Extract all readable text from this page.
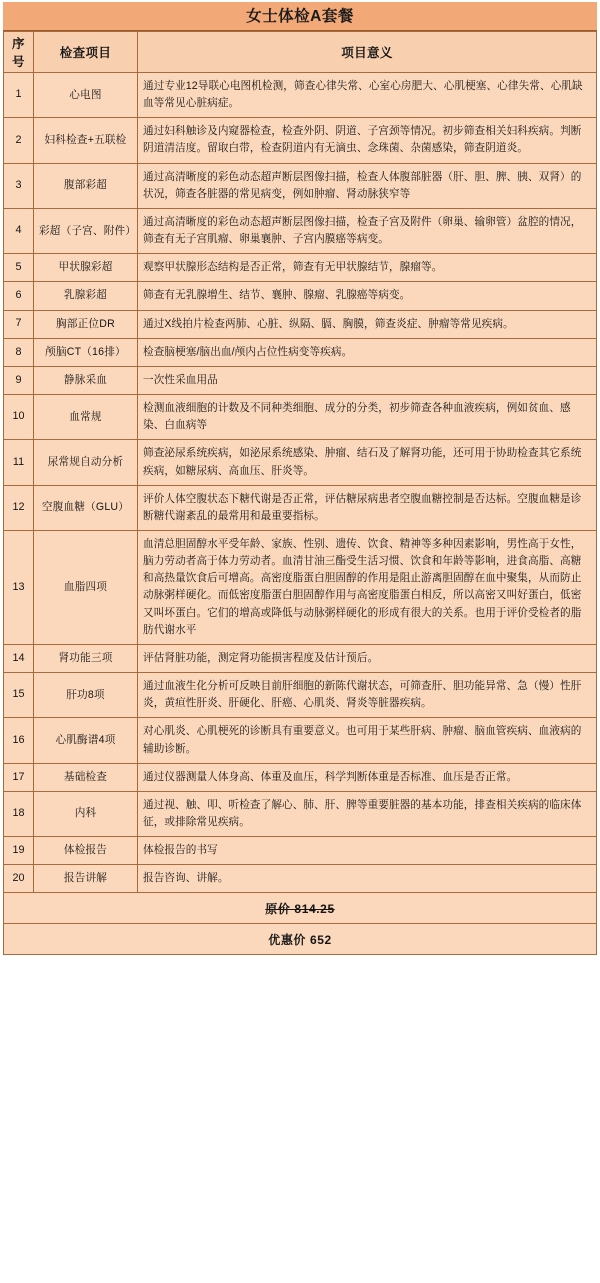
女士体检A套餐
序号	检查项目	项目意义
1	心电图	通过专业12导联心电图机检测，筛查心律失常、心室心房肥大、心肌梗塞、心律失常、心肌缺血等常见心脏病症。
2	妇科检查+五联检	通过妇科触诊及内窥器检查，检查外阴、阴道、子宫颈等情况。初步筛查相关妇科疾病。判断阴道清洁度。留取白带，检查阴道内有无滴虫、念珠菌、杂菌感染，筛查阴道炎。
3	腹部彩超	通过高清晰度的彩色动态超声断层图像扫描，检查人体腹部脏器（肝、胆、脾、胰、双肾）的状况，筛查各脏器的常见病变，例如肿瘤、肾动脉狭窄等
4	彩超（子宫、附件）	通过高清晰度的彩色动态超声断层图像扫描，检查子宫及附件（卵巢、输卵管）盆腔的情况，筛查有无子宫肌瘤、卵巢襄肿、子宫内膜癌等病变。
5	甲状腺彩超	观察甲状腺形态结构是否正常，筛查有无甲状腺结节，腺瘤等。
6	乳腺彩超	筛查有无乳腺增生、结节、襄肿、腺瘤、乳腺癌等病变。
7	胸部正位DR	通过X线拍片检查两肺、心脏、纵隔、膈、胸膜，筛查炎症、肿瘤等常见疾病。
8	颅脑CT（16排）	检查脑梗塞/脑出血/颅内占位性病变等疾病。
9	静脉采血	一次性采血用品
10	血常规	检测血液细胞的计数及不同种类细胞、成分的分类，初步筛查各种血液疾病，例如贫血、感染、白血病等
11	尿常规自动分析	筛查泌尿系统疾病，如泌尿系统感染、肿瘤、结石及了解肾功能，还可用于协助检查其它系统疾病，如糖尿病、高血压、肝炎等。
12	空腹血糖（GLU）	评价人体空腹状态下糖代谢是否正常，评估糖尿病患者空腹血糖控制是否达标。空腹血糖是诊断糖代谢紊乱的最常用和最重要指标。
13	血脂四项	血清总胆固醇水平受年龄、家族、性别、遗传、饮食、精神等多种因素影响，男性高于女性，脑力劳动者高于体力劳动者。血清甘油三酯受生活习惯、饮食和年龄等影响，进食高脂、高糖和高热量饮食后可增高。高密度脂蛋白胆固醇的作用是阻止游离胆固醇在血中聚集，从而防止动脉粥样硬化。而低密度脂蛋白胆固醇作用与高密度脂蛋白相反，所以高密又叫好蛋白，低密又叫坏蛋白。它们的增高或降低与动脉粥样硬化的形成有很大的关系。也用于评价受检者的脂肪代谢水平
14	肾功能三项	评估肾脏功能，测定肾功能损害程度及估计预后。
15	肝功8项	通过血液生化分析可反映目前肝细胞的新陈代谢状态，可筛查肝、胆功能异常、急（慢）性肝炎，黄疸性肝炎、肝硬化、肝癌、心肌炎、肾炎等脏器疾病。
16	心肌酶谱4项	对心肌炎、心肌梗死的诊断具有重要意义。也可用于某些肝病、肿瘤、脑血管疾病、血液病的辅助诊断。
17	基础检查	通过仪器测量人体身高、体重及血压，科学判断体重是否标准、血压是否正常。
18	内科	通过视、触、叩、听检查了解心、肺、肝、脾等重要脏器的基本功能，排查相关疾病的临床体征，或排除常见疾病。
19	体检报告	体检报告的书写
20	报告讲解	报告咨询、讲解。
原价 814.25		
优惠价 652		
